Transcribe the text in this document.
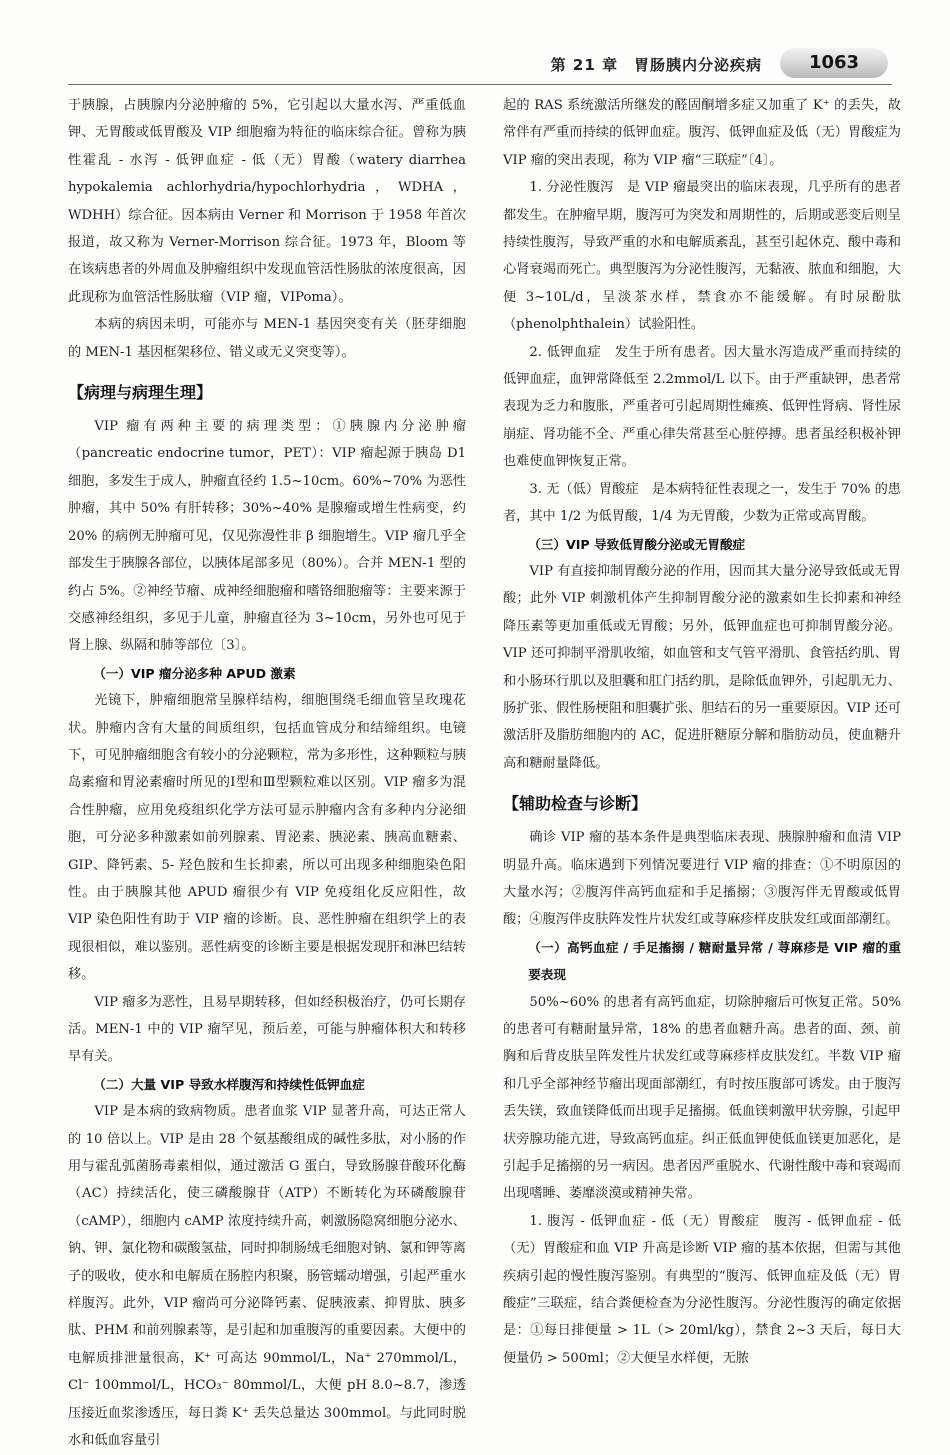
第 21 章　胃肠胰内分泌疾病	1063

于胰腺，占胰腺内分泌肿瘤的 5%，它引起以大量水泻、严重低血钾、无胃酸或低胃酸及 VIP 细胞瘤为特征的临床综合征。曾称为胰性霍乱 - 水泻 - 低钾血症 - 低（无）胃酸（watery diarrhea hypokalemia achlorhydria/hypochlorhydria，WDHA，WDHH）综合征。因本病由 Verner 和 Morrison 于 1958 年首次报道，故又称为 Verner-Morrison 综合征。1973 年，Bloom 等在该病患者的外周血及肿瘤组织中发现血管活性肠肽的浓度很高，因此现称为血管活性肠肽瘤（VIP 瘤，VIPoma）。

本病的病因未明，可能亦与 MEN-1 基因突变有关（胚芽细胞的 MEN-1 基因框架移位、错义或无义突变等）。

【病理与病理生理】

VIP 瘤有两种主要的病理类型：①胰腺内分泌肿瘤（pancreatic endocrine tumor，PET）：VIP 瘤起源于胰岛 D1 细胞，多发生于成人，肿瘤直径约 1.5~10cm。60%~70% 为恶性肿瘤，其中 50% 有肝转移；30%~40% 是腺瘤或增生性病变，约 20% 的病例无肿瘤可见，仅见弥漫性非 β 细胞增生。VIP 瘤几乎全部发生于胰腺各部位，以胰体尾部多见（80%）。合并 MEN-1 型的约占 5%。②神经节瘤、成神经细胞瘤和嗜铬细胞瘤等：主要来源于交感神经组织，多见于儿童，肿瘤直径为 3~10cm，另外也可见于肾上腺、纵隔和肺等部位〔3〕。

（一）VIP 瘤分泌多种 APUD 激素

光镜下，肿瘤细胞常呈腺样结构，细胞围绕毛细血管呈玫瑰花状。肿瘤内含有大量的间质组织，包括血管成分和结缔组织。电镜下，可见肿瘤细胞含有较小的分泌颗粒，常为多形性，这种颗粒与胰岛素瘤和胃泌素瘤时所见的Ⅰ型和Ⅲ型颗粒难以区别。VIP 瘤多为混合性肿瘤，应用免疫组织化学方法可显示肿瘤内含有多种内分泌细胞，可分泌多种激素如前列腺素、胃泌素、胰泌素、胰高血糖素、GIP、降钙素、5- 羟色胺和生长抑素，所以可出现多种细胞染色阳性。由于胰腺其他 APUD 瘤很少有 VIP 免疫组化反应阳性，故 VIP 染色阳性有助于 VIP 瘤的诊断。良、恶性肿瘤在组织学上的表现很相似，难以鉴别。恶性病变的诊断主要是根据发现肝和淋巴结转移。

VIP 瘤多为恶性，且易早期转移，但如经积极治疗，仍可长期存活。MEN-1 中的 VIP 瘤罕见，预后差，可能与肿瘤体积大和转移早有关。

（二）大量 VIP 导致水样腹泻和持续性低钾血症

VIP 是本病的致病物质。患者血浆 VIP 显著升高，可达正常人的 10 倍以上。VIP 是由 28 个氨基酸组成的碱性多肽，对小肠的作用与霍乱弧菌肠毒素相似，通过激活 G 蛋白，导致肠腺苷酸环化酶（AC）持续活化，使三磷酸腺苷（ATP）不断转化为环磷酸腺苷（cAMP），细胞内 cAMP 浓度持续升高，刺激肠隐窝细胞分泌水、钠、钾、氯化物和碳酸氢盐，同时抑制肠绒毛细胞对钠、氯和钾等离子的吸收，使水和电解质在肠腔内积聚，肠管蠕动增强，引起严重水样腹泻。此外，VIP 瘤尚可分泌降钙素、促胰液素、抑胃肽、胰多肽、PHM 和前列腺素等，是引起和加重腹泻的重要因素。大便中的电解质排泄量很高，K⁺ 可高达 90mmol/L，Na⁺ 270mmol/L，Cl⁻ 100mmol/L，HCO₃⁻ 80mmol/L，大便 pH 8.0~8.7，渗透压接近血浆渗透压，每日粪 K⁺ 丢失总量达 300mmol。与此同时脱水和低血容量引

起的 RAS 系统激活所继发的醛固酮增多症又加重了 K⁺ 的丢失，故常伴有严重而持续的低钾血症。腹泻、低钾血症及低（无）胃酸症为 VIP 瘤的突出表现，称为 VIP 瘤“三联症”〔4〕。

1. 分泌性腹泻　是 VIP 瘤最突出的临床表现，几乎所有的患者都发生。在肿瘤早期，腹泻可为突发和周期性的，后期或恶变后则呈持续性腹泻，导致严重的水和电解质紊乱，甚至引起休克、酸中毒和心肾衰竭而死亡。典型腹泻为分泌性腹泻，无黏液、脓血和细胞，大便 3~10L/d，呈淡茶水样，禁食亦不能缓解。有时尿酚肽（phenolphthalein）试验阳性。

2. 低钾血症　发生于所有患者。因大量水泻造成严重而持续的低钾血症，血钾常降低至 2.2mmol/L 以下。由于严重缺钾，患者常表现为乏力和腹胀，严重者可引起周期性瘫痪、低钾性肾病、肾性尿崩症、肾功能不全、严重心律失常甚至心脏停搏。患者虽经积极补钾也难使血钾恢复正常。

3. 无（低）胃酸症　是本病特征性表现之一，发生于 70% 的患者，其中 1/2 为低胃酸，1/4 为无胃酸，少数为正常或高胃酸。

（三）VIP 导致低胃酸分泌或无胃酸症

VIP 有直接抑制胃酸分泌的作用，因而其大量分泌导致低或无胃酸；此外 VIP 刺激机体产生抑制胃酸分泌的激素如生长抑素和神经降压素等更加重低或无胃酸；另外，低钾血症也可抑制胃酸分泌。VIP 还可抑制平滑肌收缩，如血管和支气管平滑肌、食管括约肌、胃和小肠环行肌以及胆囊和肛门括约肌，是除低血钾外，引起肌无力、肠扩张、假性肠梗阻和胆囊扩张、胆结石的另一重要原因。VIP 还可激活肝及脂肪细胞内的 AC，促进肝糖原分解和脂肪动员，使血糖升高和糖耐量降低。

【辅助检查与诊断】

确诊 VIP 瘤的基本条件是典型临床表现、胰腺肿瘤和血清 VIP 明显升高。临床遇到下列情况要进行 VIP 瘤的排查：①不明原因的大量水泻；②腹泻伴高钙血症和手足搐搦；③腹泻伴无胃酸或低胃酸；④腹泻伴皮肤阵发性片状发红或荨麻疹样皮肤发红或面部潮红。

（一）高钙血症 / 手足搐搦 / 糖耐量异常 / 荨麻疹是 VIP 瘤的重要表现

50%~60% 的患者有高钙血症，切除肿瘤后可恢复正常。50% 的患者可有糖耐量异常，18% 的患者血糖升高。患者的面、颈、前胸和后背皮肤呈阵发性片状发红或荨麻疹样皮肤发红。半数 VIP 瘤和几乎全部神经节瘤出现面部潮红，有时按压腹部可诱发。由于腹泻丢失镁，致血镁降低而出现手足搐搦。低血镁刺激甲状旁腺，引起甲状旁腺功能亢进，导致高钙血症。纠正低血钾使低血镁更加恶化，是引起手足搐搦的另一病因。患者因严重脱水、代谢性酸中毒和衰竭而出现嗜睡、萎靡淡漠或精神失常。

1. 腹泻 - 低钾血症 - 低（无）胃酸症　腹泻 - 低钾血症 - 低（无）胃酸症和血 VIP 升高是诊断 VIP 瘤的基本依据，但需与其他疾病引起的慢性腹泻鉴别。有典型的“腹泻、低钾血症及低（无）胃酸症”三联症，结合粪便检查为分泌性腹泻。分泌性腹泻的确定依据是：①每日排便量 > 1L（> 20ml/kg），禁食 2~3 天后，每日大便量仍 > 500ml；②大便呈水样便，无脓
